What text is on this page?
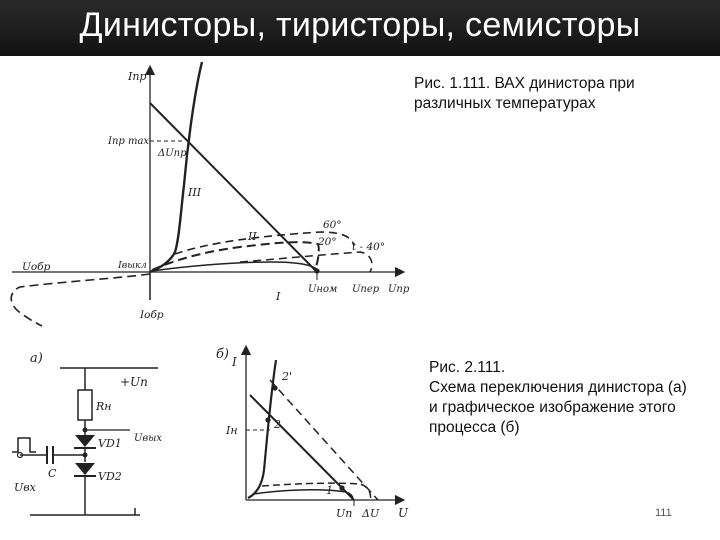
Динисторы, тиристоры, семисторы
Рис. 1.111. ВАХ динистора при
различных температурах
Рис. 2.111.
Схема переключения динистора (а)
и графическое изображение этого
процесса (б)
111
Iпр
Iпр max
ΔUпр
III
II
I
Iвыкл
Uобр
Uном Uпер Uпр
Iобр
60°
20° t - 40°
а)
+Uп
Rн
VD1
VD2
Uвых
C
Uвх
б) I
Iн
2'
2
1
Uп ΔU U
